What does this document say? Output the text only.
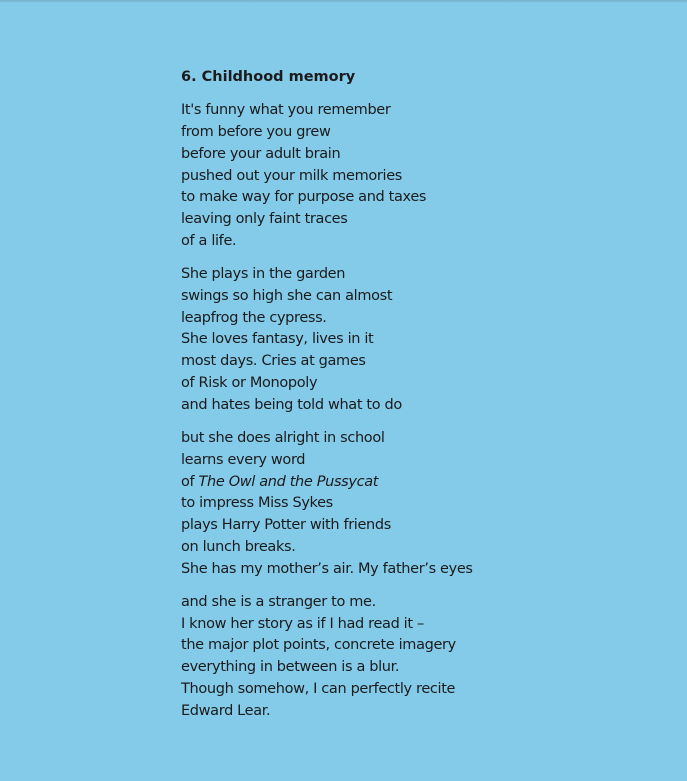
6. Childhood memory
It's funny what you remember
from before you grew
before your adult brain
pushed out your milk memories
to make way for purpose and taxes
leaving only faint traces
of a life.
She plays in the garden
swings so high she can almost
leapfrog the cypress.
She loves fantasy, lives in it
most days. Cries at games
of Risk or Monopoly
and hates being told what to do
but she does alright in school
learns every word
of The Owl and the Pussycat
to impress Miss Sykes
plays Harry Potter with friends
on lunch breaks.
She has my mother’s air. My father’s eyes
and she is a stranger to me.
I know her story as if I had read it –
the major plot points, concrete imagery
everything in between is a blur.
Though somehow, I can perfectly recite
Edward Lear.
